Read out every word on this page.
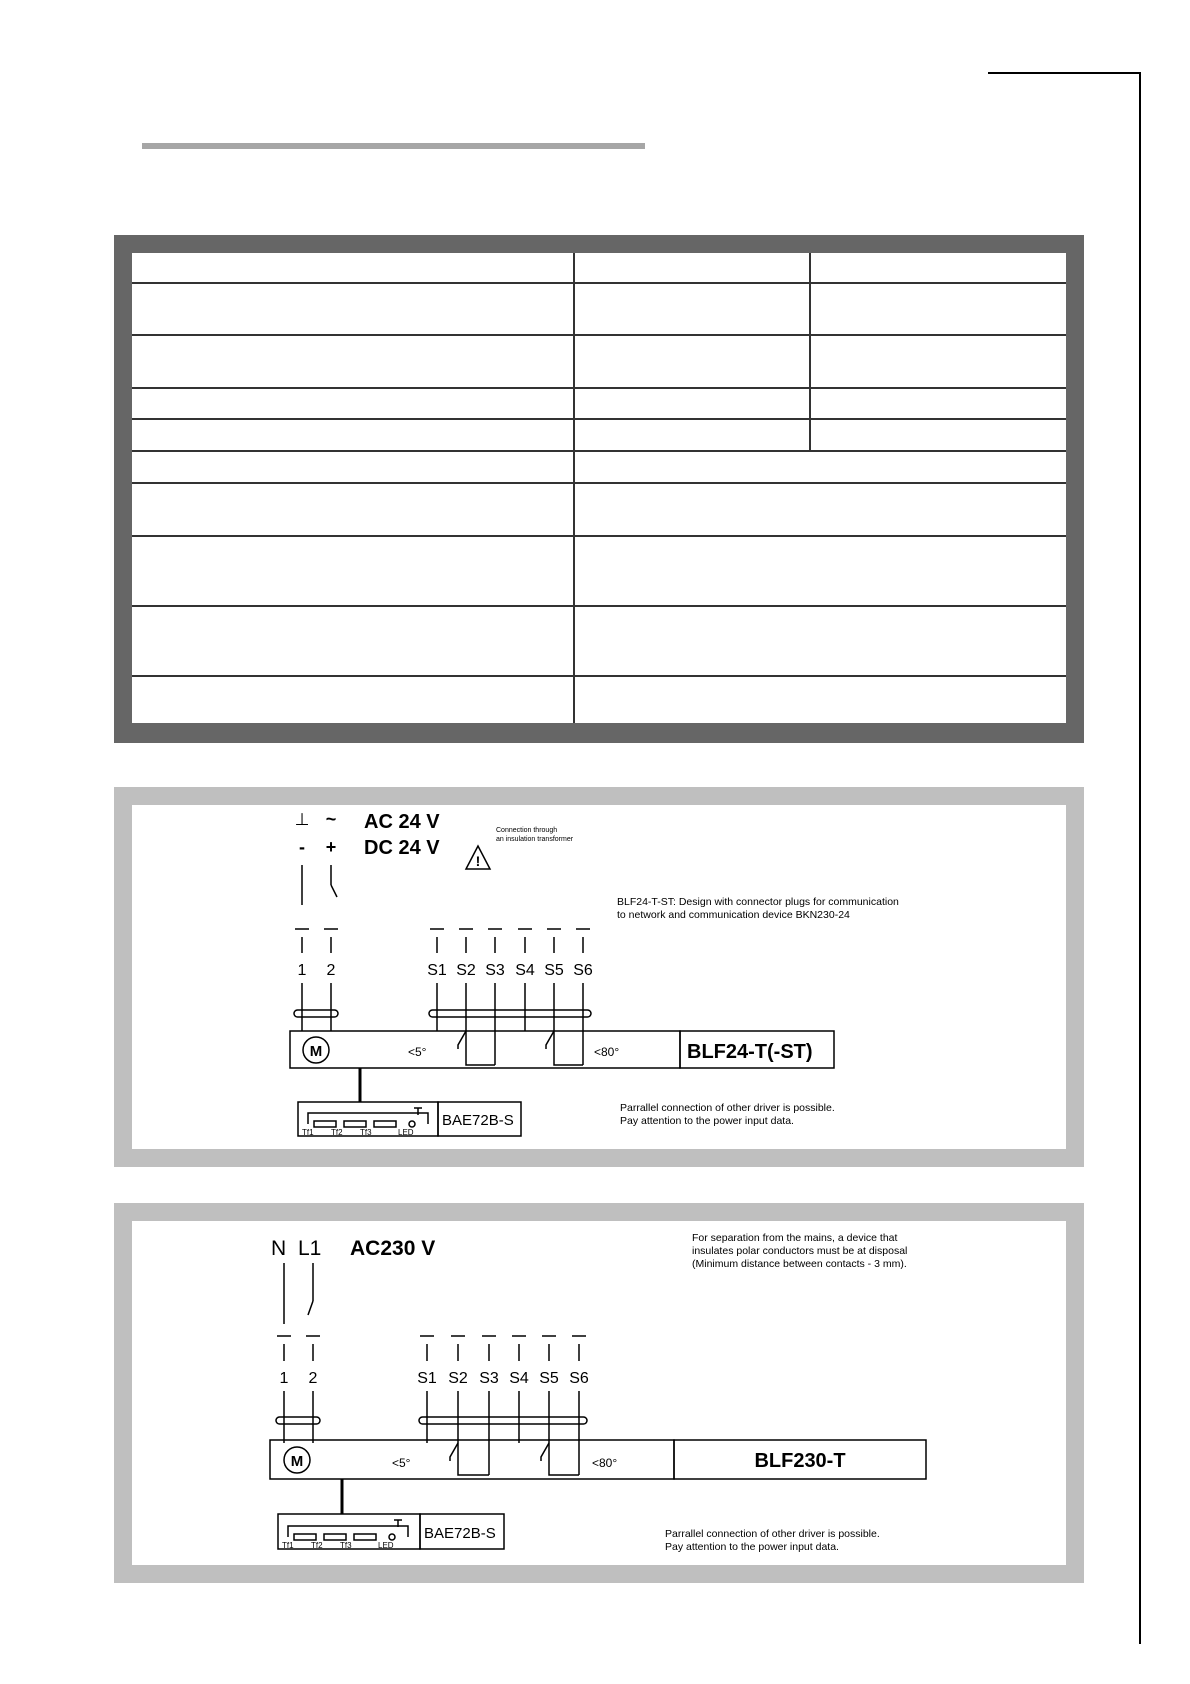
!
⊥ ~ AC 24 V
- + DC 24 V
Connection through
an insulation transformer
BLF24-T-ST: Design with connector plugs for communication
to network and communication device BKN230-24
1 2	S1 S2 S3 S4 S5 S6
M	<5°	<80°	BLF24-T(-ST)
BAE72B-S
Tf1 Tf2 Tf3	LED
Parrallel connection of other driver is possible.
Pay attention to the power input data.
N L1 AC230 V	For separation from the mains, a device that
insulates polar conductors must be at disposal
(Minimum distance between contacts - 3 mm).
1 2	S1 S2 S3 S4 S5 S6
M	<5°	<80°	BLF230-T
BAE72B-S
Tf1 Tf2 Tf3	LED
Parrallel connection of other driver is possible.
Pay attention to the power input data.
